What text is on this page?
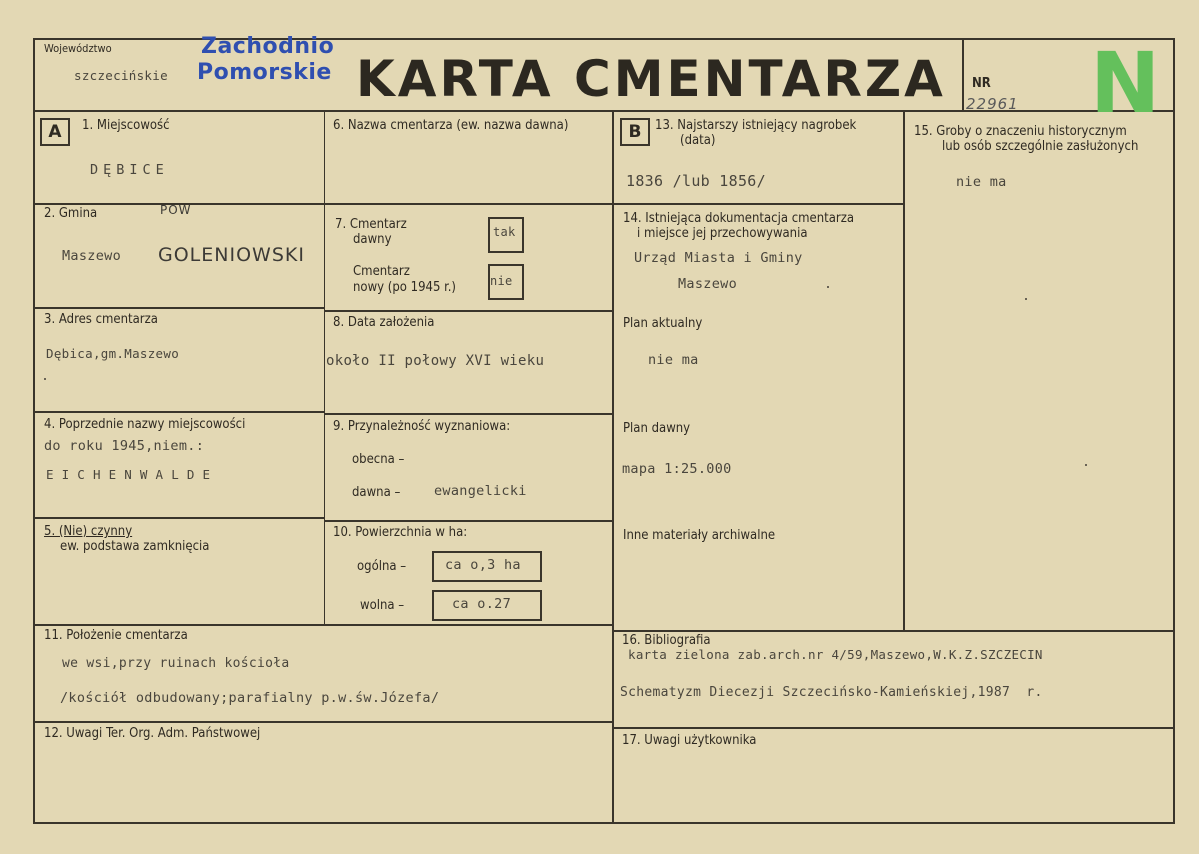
Województwo
szczecińskie
Zachodnio
Pomorskie KARTA CMENTARZA NR
22961 N
A	B
1. Miejscowość
DĘBICE
2. Gmina	POW
Maszewo GOLENIOWSKI
3. Adres cmentarza
Dębica,gm.Maszewo
4. Poprzednie nazwy miejscowości
do roku 1945,niem.:
E I C H E N W A L D E
5. (Nie) czynny
ew. podstawa zamknięcia
6. Nazwa cmentarza (ew. nazwa dawna)
7. Cmentarz
dawny	tak
Cmentarz
nowy (po 1945 r.)	nie
8. Data założenia
około II połowy XVI wieku
9. Przynależność wyznaniowa:
obecna –
dawna – ewangelicki
10. Powierzchnia w ha:
ogólna –	ca o,3 ha
wolna –	ca o.27
11. Położenie cmentarza
we wsi,przy ruinach kościoła
/kościół odbudowany;parafialny p.w.św.Józefa/
12. Uwagi Ter. Org. Adm. Państwowej
13. Najstarszy istniejący nagrobek
(data)
1836 /lub 1856/
14. Istniejąca dokumentacja cmentarza
i miejsce jej przechowywania
Urząd Miasta i Gminy
Maszewo
Plan aktualny
nie ma
Plan dawny
mapa 1:25.000
Inne materiały archiwalne
15. Groby o znaczeniu historycznym
lub osób szczególnie zasłużonych
nie ma
16. Bibliografia
karta zielona zab.arch.nr 4/59,Maszewo,W.K.Z.SZCZECIN
Schematyzm Diecezji Szczecińsko-Kamieńskiej,1987  r.
17. Uwagi użytkownika
